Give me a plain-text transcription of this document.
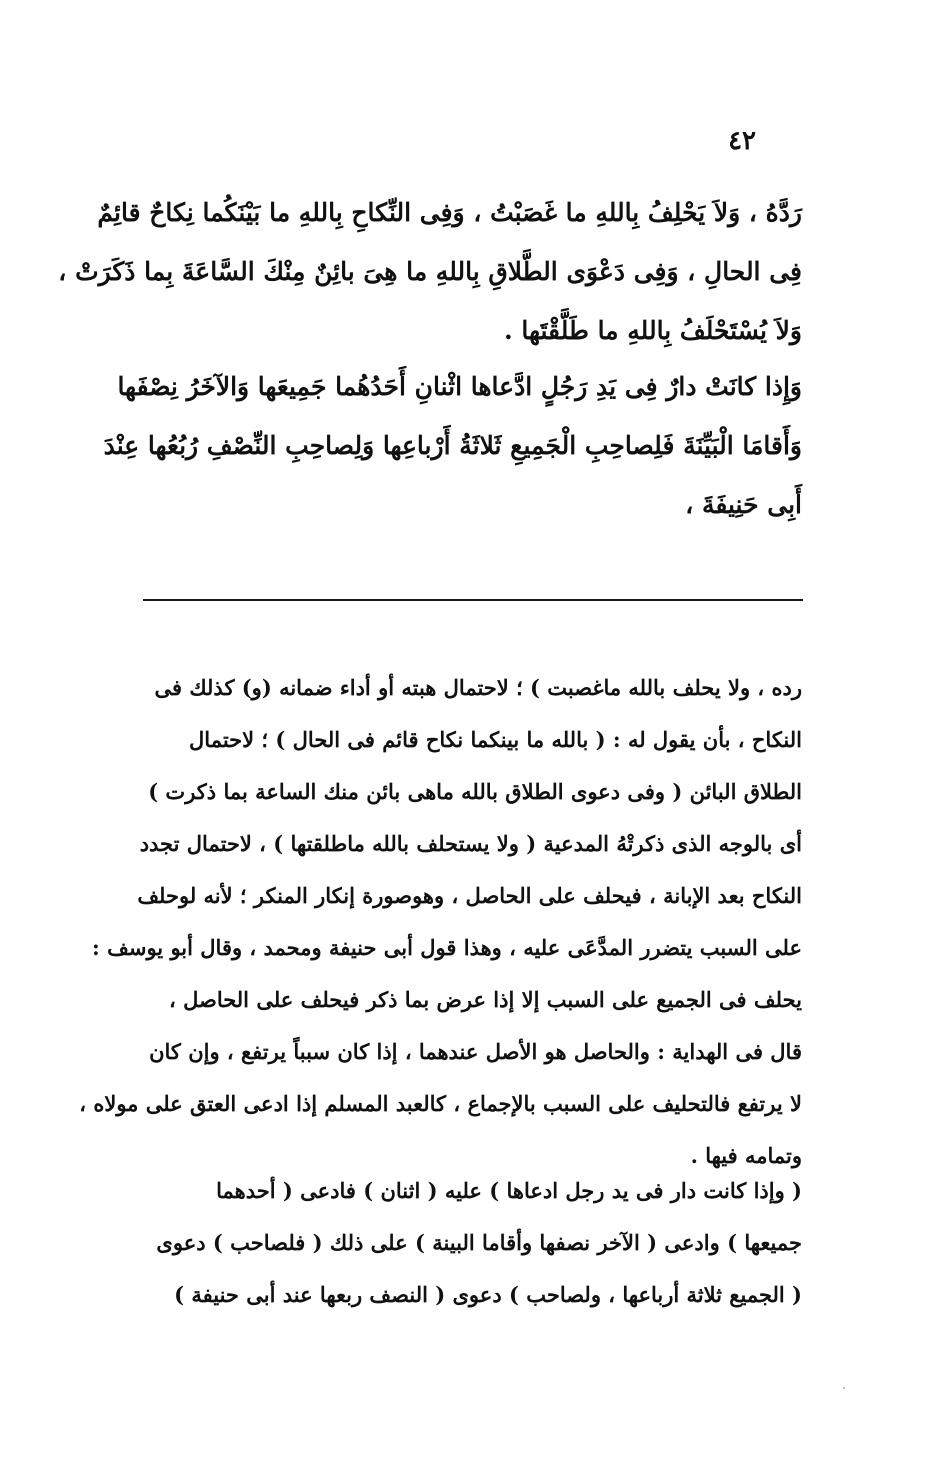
٤٢
رَدَّهُ ، وَلاَ يَحْلِفُ بِاللهِ ما غَصَبْتُ ، وَفِى النِّكاحِ بِاللهِ ما بَيْنَكُما نِكاحٌ قائِمٌ
فِى الحالِ ، وَفِى دَعْوَى الطَّلاقِ بِاللهِ ما هِىَ بائِنٌ مِنْكَ السَّاعَةَ بِما ذَكَرَتْ ،
وَلاَ يُسْتَحْلَفُ بِاللهِ ما طَلَّقْتَها .
وَإِذا كانَتْ دارٌ فِى يَدِ رَجُلٍ ادَّعاها اثْنانِ أَحَدُهُما جَمِيعَها وَالآخَرُ نِصْفَها
وَأَقامَا الْبَيِّنَةَ فَلِصاحِبِ الْجَمِيعِ ثَلاثَةُ أَرْباعِها وَلِصاحِبِ النِّصْفِ رُبُعُها عِنْدَ
أَبِى حَنِيفَةَ ،
رده ، ولا يحلف بالله ماغصبت ) ؛ لاحتمال هبته أو أداء ضمانه (و) كذلك فى
النكاح ، بأن يقول له : ( بالله ما بينكما نكاح قائم فى الحال ) ؛ لاحتمال
الطلاق البائن ( وفى دعوى الطلاق بالله ماهى بائن منك الساعة بما ذكرت )
أى بالوجه الذى ذكرتْهُ المدعية ( ولا يستحلف بالله ماطلقتها ) ، لاحتمال تجدد
النكاح بعد الإبانة ، فيحلف على الحاصل ، وهوصورة إنكار المنكر ؛ لأنه لوحلف
على السبب يتضرر المدَّعَى عليه ، وهذا قول أبى حنيفة ومحمد ، وقال أبو يوسف :
يحلف فى الجميع على السبب إلا إذا عرض بما ذكر فيحلف على الحاصل ،
قال فى الهداية : والحاصل هو الأصل عندهما ، إذا كان سبباً يرتفع ، وإن كان
لا يرتفع فالتحليف على السبب بالإجماع ، كالعبد المسلم إذا ادعى العتق على مولاه ،
وتمامه فيها .
( وإذا كانت دار فى يد رجل ادعاها ) عليه ( اثنان ) فادعى ( أحدهما
جميعها ) وادعى ( الآخر نصفها وأقاما البينة ) على ذلك ( فلصاحب ) دعوى
( الجميع ثلاثة أرباعها ، ولصاحب ) دعوى ( النصف ربعها عند أبى حنيفة )
